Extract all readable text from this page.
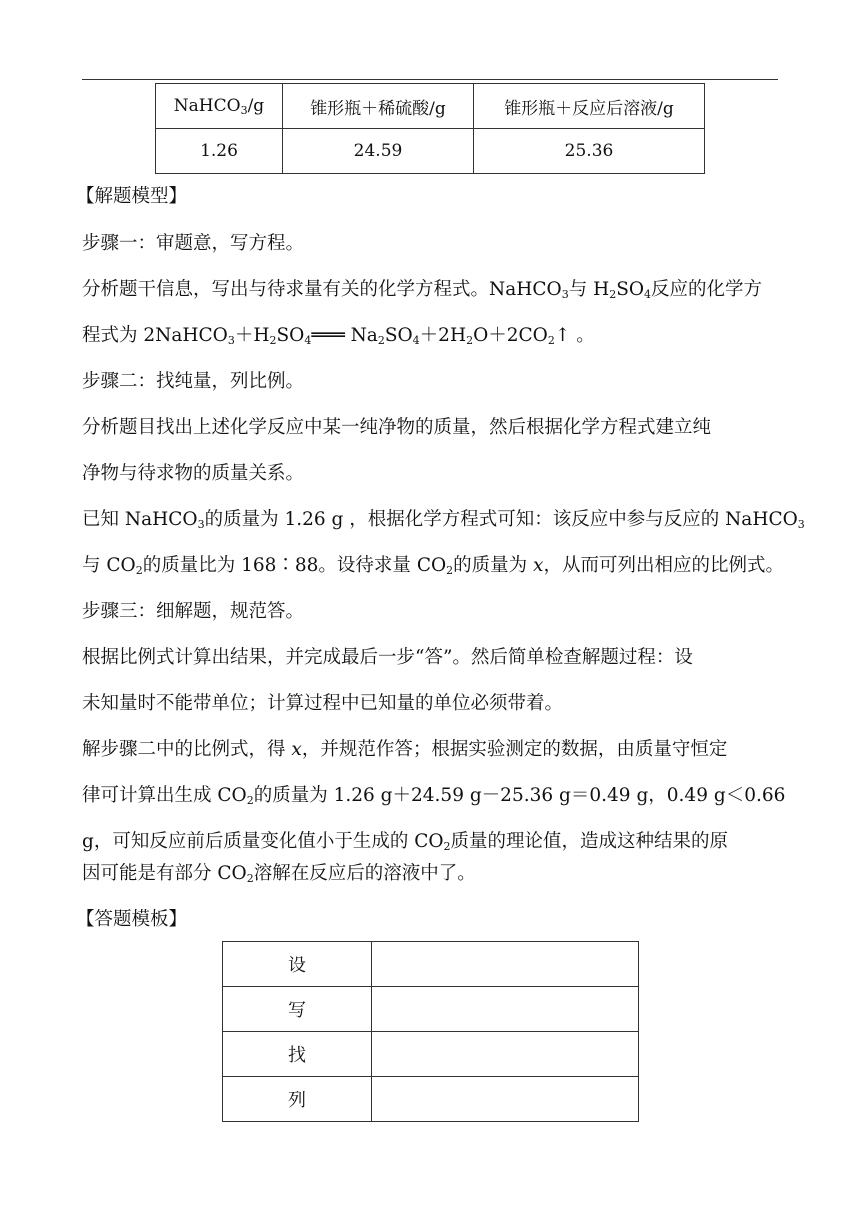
NaHCO$_3$/g	锥形瓶＋稀硫酸/g	锥形瓶＋反应后溶液/g
1.26	24.59	25.36
【解题模型】
步骤一：审题意，写方程。
分析题干信息，写出与待求量有关的化学方程式。NaHCO$_3$与 $H_2SO_4$反应的化学方
程式为 $2NaHCO_3+H_2SO_4═══$ $Na_2SO_4+2H_2O+2CO_2↑$ 。
步骤二：找纯量，列比例。
分析题目找出上述化学反应中某一纯净物的质量，然后根据化学方程式建立纯
净物与待求物的质量关系。
已知 NaHCO$_3$的质量为 1.26 g ，根据化学方程式可知：该反应中参与反应的 NaHCO$_3$
与 $CO_2$的质量比为 168∶88。设待求量 $CO_2$的质量为 x，从而可列出相应的比例式。
步骤三：细解题，规范答。
根据比例式计算出结果，并完成最后一步“答”。然后简单检查解题过程：设
未知量时不能带单位；计算过程中已知量的单位必须带着。
解步骤二中的比例式，得 x，并规范作答；根据实验测定的数据，由质量守恒定
律可计算出生成 $CO_2$的质量为 1.26 g＋24.59 g－25.36 g＝0.49 g，0.49 g＜0.66
g，可知反应前后质量变化值小于生成的 $CO_2$质量的理论值，造成这种结果的原
因可能是有部分 $CO_2$溶解在反应后的溶液中了。
【答题模板】
设	
写	
找	
列	
